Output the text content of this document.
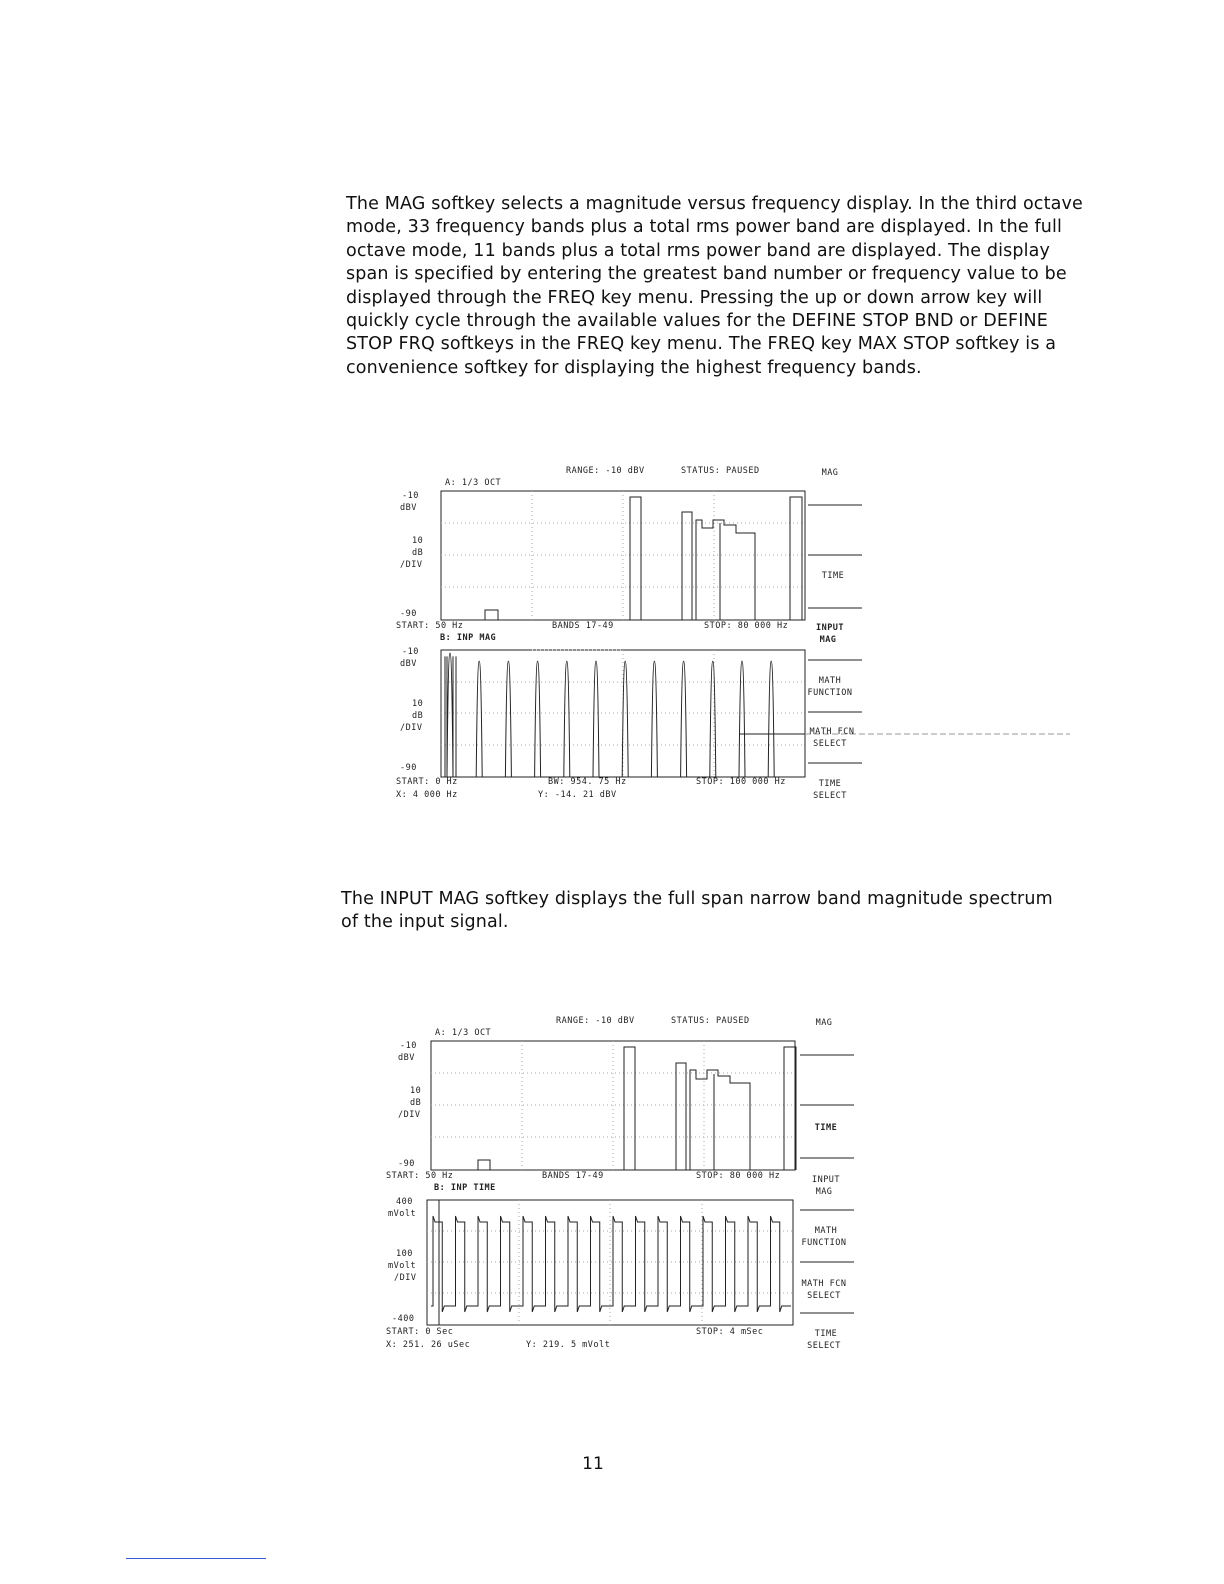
The MAG softkey selects a magnitude versus frequency display. In the third octave
mode, 33 frequency bands plus a total rms power band are displayed. In the full
octave mode, 11 bands plus a total rms power band are displayed. The display
span is specified by entering the greatest band number or frequency value to be
displayed through the FREQ key menu. Pressing the up or down arrow key will
quickly cycle through the available values for the DEFINE STOP BND or DEFINE
STOP FRQ softkeys in the FREQ key menu. The FREQ key MAX STOP softkey is a
convenience softkey for displaying the highest frequency bands.
RANGE: -10 dBV	STATUS: PAUSED
A: 1/3 OCT
-10
dBV
10
dB
/DIV
-90
START: 50 Hz	BANDS 17-49	STOP: 80 000 Hz
B: INP MAG
-10
dBV
10
dB
/DIV
-90
START: 0 Hz	BW: 954. 75 Hz	STOP: 100 000 Hz
X: 4 000 Hz	Y: -14. 21 dBV
MAG
TIME
INPUT
MAG
MATH
FUNCTION
MATH FCN
SELECT
TIME
SELECT
The INPUT MAG softkey displays the full span narrow band magnitude spectrum
of the input signal.
RANGE: -10 dBV	STATUS: PAUSED
A: 1/3 OCT
-10
dBV
10
dB
/DIV
-90
START: 50 Hz	BANDS 17-49	STOP: 80 000 Hz
B: INP TIME
400
mVolt
100
mVolt
/DIV
-400
START: 0 Sec	STOP: 4 mSec
X: 251. 26 uSec	Y: 219. 5 mVolt
MAG
TIME
INPUT
MAG
MATH
FUNCTION
MATH FCN
SELECT
TIME
SELECT
11
